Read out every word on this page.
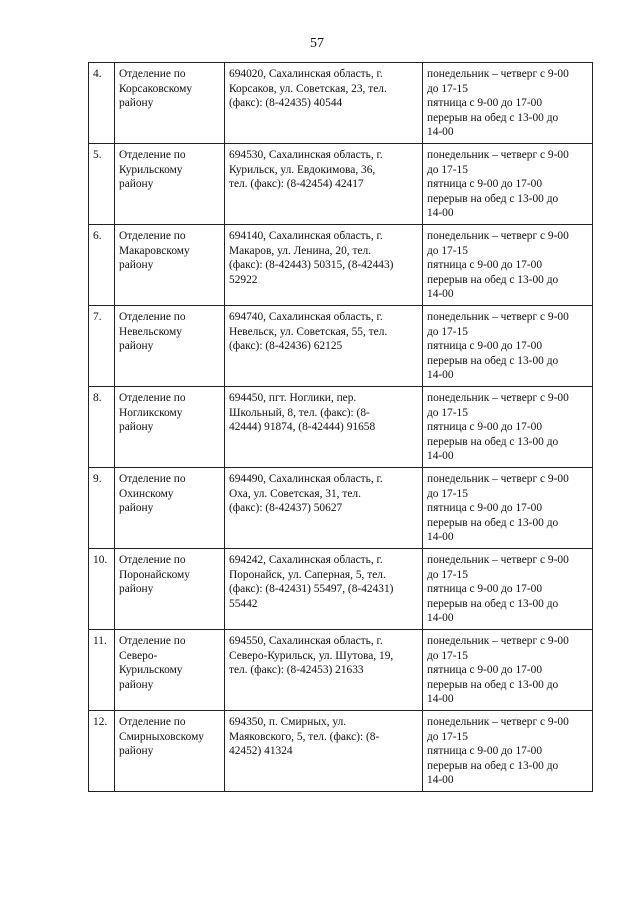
57
4.	Отделение по
Корсаковскому
району	694020, Сахалинская область, г.
Корсаков, ул. Советская, 23, тел.
(факс): (8-42435) 40544	понедельник – четверг с 9-00
до 17-15
пятница с 9-00 до 17-00
перерыв на обед с 13-00 до
14-00

5.	Отделение по
Курильскому
району	694530, Сахалинская область, г.
Курильск, ул. Евдокимова, 36,
тел. (факс): (8-42454) 42417	понедельник – четверг с 9-00
до 17-15
пятница с 9-00 до 17-00
перерыв на обед с 13-00 до
14-00

6.	Отделение по
Макаровскому
району	694140, Сахалинская область, г.
Макаров, ул. Ленина, 20, тел.
(факс): (8-42443) 50315, (8-42443)
52922	понедельник – четверг с 9-00
до 17-15
пятница с 9-00 до 17-00
перерыв на обед с 13-00 до
14-00

7.	Отделение по
Невельскому
району	694740, Сахалинская область, г.
Невельск, ул. Советская, 55, тел.
(факс): (8-42436) 62125	понедельник – четверг с 9-00
до 17-15
пятница с 9-00 до 17-00
перерыв на обед с 13-00 до
14-00

8.	Отделение по
Ногликскому
району	694450, пгт. Ноглики, пер.
Школьный, 8, тел. (факс): (8-
42444) 91874, (8-42444) 91658	понедельник – четверг с 9-00
до 17-15
пятница с 9-00 до 17-00
перерыв на обед с 13-00 до
14-00

9.	Отделение по
Охинскому
району	694490, Сахалинская область, г.
Оха, ул. Советская, 31, тел.
(факс): (8-42437) 50627	понедельник – четверг с 9-00
до 17-15
пятница с 9-00 до 17-00
перерыв на обед с 13-00 до
14-00

10.	Отделение по
Поронайскому
району	694242, Сахалинская область, г.
Поронайск, ул. Саперная, 5, тел.
(факс): (8-42431) 55497, (8-42431)
55442	понедельник – четверг с 9-00
до 17-15
пятница с 9-00 до 17-00
перерыв на обед с 13-00 до
14-00

11.	Отделение по
Северо-
Курильскому
району	694550, Сахалинская область, г.
Северо-Курильск, ул. Шутова, 19,
тел. (факс): (8-42453) 21633	понедельник – четверг с 9-00
до 17-15
пятница с 9-00 до 17-00
перерыв на обед с 13-00 до
14-00

12.	Отделение по
Смирныховскому
району	694350, п. Смирных, ул.
Маяковского, 5, тел. (факс): (8-
42452) 41324	понедельник – четверг с 9-00
до 17-15
пятница с 9-00 до 17-00
перерыв на обед с 13-00 до
14-00
